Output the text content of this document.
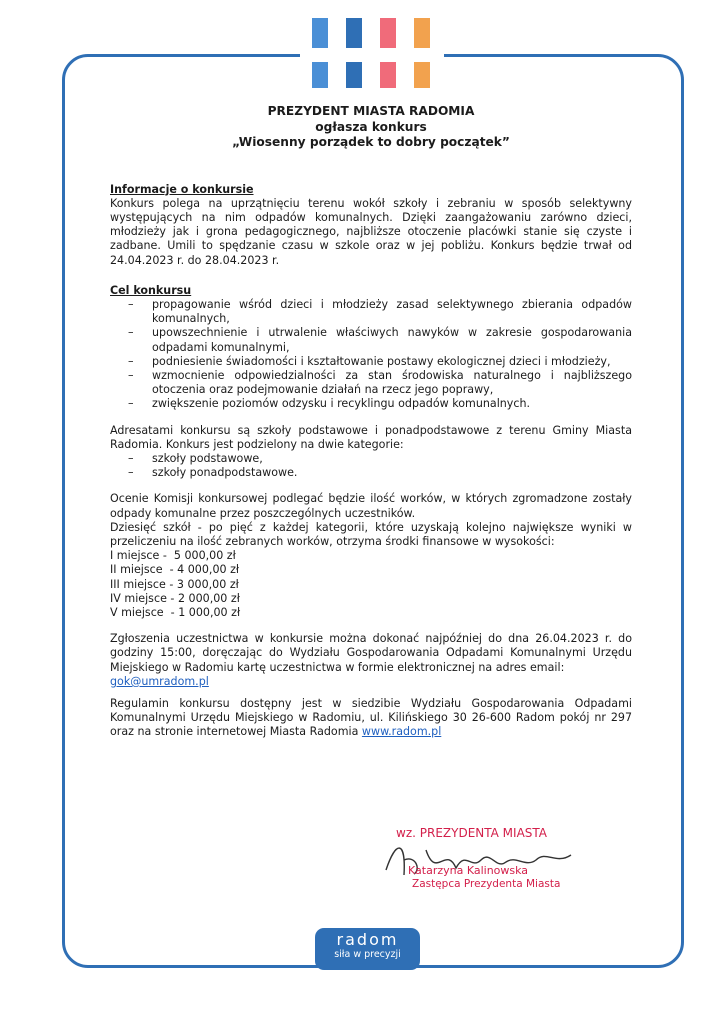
PREZYDENT MIASTA RADOMIA
ogłasza konkurs
„Wiosenny porządek to dobry początek”
Informacje o konkursie

Konkurs polega na uprzątnięciu terenu wokół szkoły i zebraniu w sposób selektywny występujących na nim odpadów komunalnych. Dzięki zaangażowaniu zarówno dzieci, młodzieży jak i grona pedagogicznego, najbliższe otoczenie placówki stanie się czyste i zadbane. Umili to spędzanie czasu w szkole oraz w jej pobliżu. Konkurs będzie trwał od 24.04.2023 r. do 28.04.2023 r.

Cel konkursu
– propagowanie wśród dzieci i młodzieży zasad selektywnego zbierania odpadów komunalnych,
– upowszechnienie i utrwalenie właściwych nawyków w zakresie gospodarowania odpadami komunalnymi,
– podniesienie świadomości i kształtowanie postawy ekologicznej dzieci i młodzieży,
– wzmocnienie odpowiedzialności za stan środowiska naturalnego i najbliższego otoczenia oraz podejmowanie działań na rzecz jego poprawy,
– zwiększenie poziomów odzysku i recyklingu odpadów komunalnych.

Adresatami konkursu są szkoły podstawowe i ponadpodstawowe z terenu Gminy Miasta Radomia. Konkurs jest podzielony na dwie kategorie:

– szkoły podstawowe,
– szkoły ponadpodstawowe.

Ocenie Komisji konkursowej podlegać będzie ilość worków, w których zgromadzone zostały odpady komunalne przez poszczególnych uczestników.

Dziesięć szkół - po pięć z każdej kategorii, które uzyskają kolejno największe wyniki w przeliczeniu na ilość zebranych worków, otrzyma środki finansowe w wysokości:

I miejsce -  5 000,00 zł
II miejsce  - 4 000,00 zł
III miejsce - 3 000,00 zł
IV miejsce - 2 000,00 zł
V miejsce  - 1 000,00 zł

Zgłoszenia uczestnictwa w konkursie można dokonać najpóźniej do dna 26.04.2023 r. do godziny 15:00, doręczając do Wydziału Gospodarowania Odpadami Komunalnymi Urzędu Miejskiego w Radomiu kartę uczestnictwa w formie elektronicznej na adres email:

gok@umradom.pl

Regulamin konkursu dostępny jest w siedzibie Wydziału Gospodarowania Odpadami Komunalnymi Urzędu Miejskiego w Radomiu, ul. Kilińskiego 30 26-600 Radom pokój nr 297 oraz na stronie internetowej Miasta Radomia www.radom.pl

wz. PREZYDENTA MIASTA
Katarzyna Kalinowska
Zastępca Prezydenta Miasta
radom
siła w precyzji
